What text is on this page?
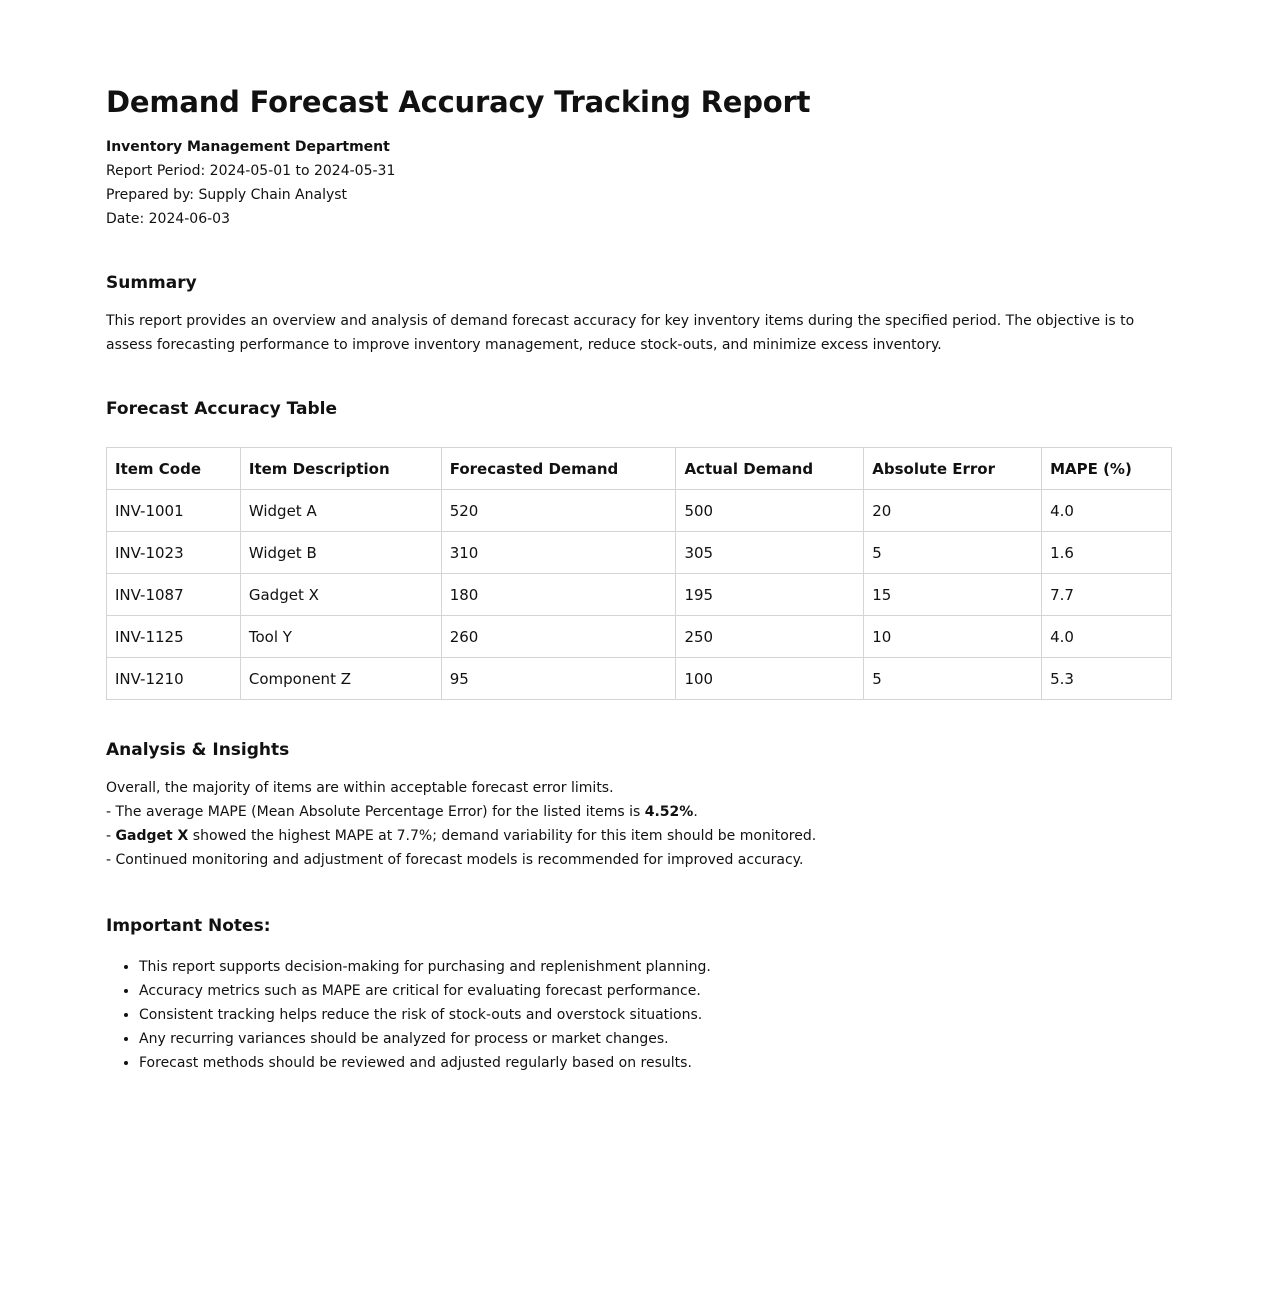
Demand Forecast Accuracy Tracking Report
Inventory Management Department
Report Period: 2024-05-01 to 2024-05-31
Prepared by: Supply Chain Analyst
Date: 2024-06-03
Summary
This report provides an overview and analysis of demand forecast accuracy for key inventory items during the specified period. The objective is to assess forecasting performance to improve inventory management, reduce stock-outs, and minimize excess inventory.
Forecast Accuracy Table
Item Code	Item Description	Forecasted Demand	Actual Demand	Absolute Error	MAPE (%)
INV-1001	Widget A	520	500	20	4.0
INV-1023	Widget B	310	305	5	1.6
INV-1087	Gadget X	180	195	15	7.7
INV-1125	Tool Y	260	250	10	4.0
INV-1210	Component Z	95	100	5	5.3
Analysis & Insights
Overall, the majority of items are within acceptable forecast error limits.
- The average MAPE (Mean Absolute Percentage Error) for the listed items is 4.52%.
- Gadget X showed the highest MAPE at 7.7%; demand variability for this item should be monitored.
- Continued monitoring and adjustment of forecast models is recommended for improved accuracy.
Important Notes:
• This report supports decision-making for purchasing and replenishment planning.
• Accuracy metrics such as MAPE are critical for evaluating forecast performance.
• Consistent tracking helps reduce the risk of stock-outs and overstock situations.
• Any recurring variances should be analyzed for process or market changes.
• Forecast methods should be reviewed and adjusted regularly based on results.
